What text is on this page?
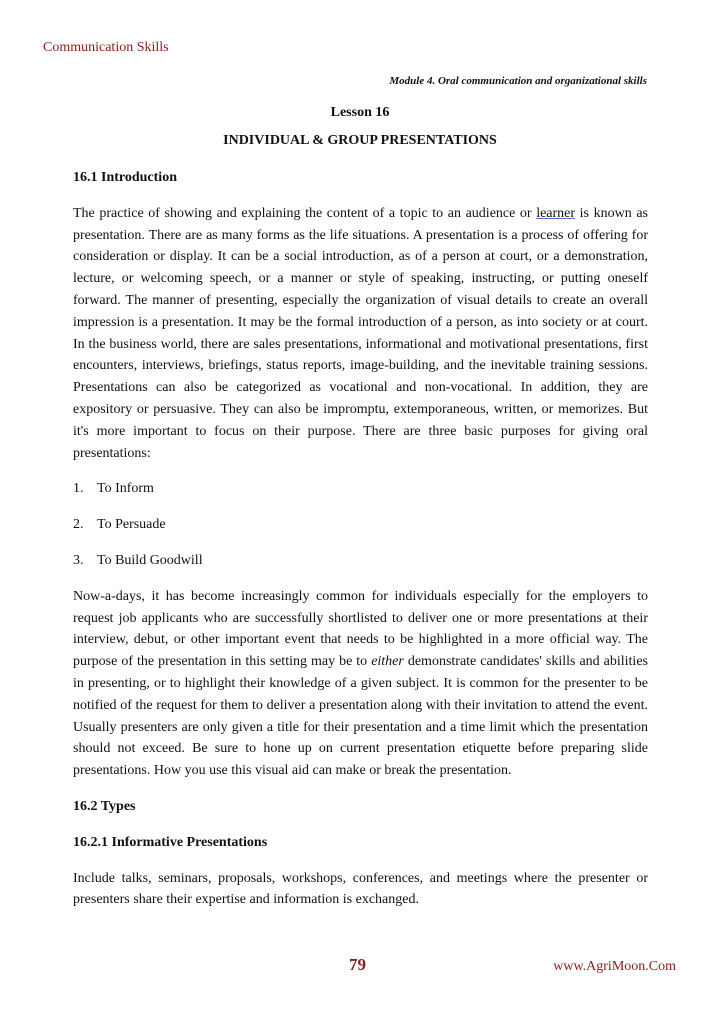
Communication Skills
Module 4. Oral communication and organizational skills
Lesson 16
INDIVIDUAL & GROUP PRESENTATIONS
16.1 Introduction

The practice of showing and explaining the content of a topic to an audience or learner is known as presentation. There are as many forms as the life situations. A presentation is a process of offering for consideration or display. It can be a social introduction, as of a person at court, or a demonstration, lecture, or welcoming speech, or a manner or style of speaking, instructing, or putting oneself forward. The manner of presenting, especially the organization of visual details to create an overall impression is a presentation. It may be the formal introduction of a person, as into society or at court. In the business world, there are sales presentations, informational and motivational presentations, first encounters, interviews, briefings, status reports, image-building, and the inevitable training sessions. Presentations can also be categorized as vocational and non-vocational. In addition, they are expository or persuasive. They can also be impromptu, extemporaneous, written, or memorizes. But it's more important to focus on their purpose. There are three basic purposes for giving oral presentations:

1. To Inform
2. To Persuade
3. To Build Goodwill

Now-a-days, it has become increasingly common for individuals especially for the employers to request job applicants who are successfully shortlisted to deliver one or more presentations at their interview, debut, or other important event that needs to be highlighted in a more official way. The purpose of the presentation in this setting may be to either demonstrate candidates' skills and abilities in presenting, or to highlight their knowledge of a given subject. It is common for the presenter to be notified of the request for them to deliver a presentation along with their invitation to attend the event. Usually presenters are only given a title for their presentation and a time limit which the presentation should not exceed. Be sure to hone up on current presentation etiquette before preparing slide presentations. How you use this visual aid can make or break the presentation.

16.2 Types
16.2.1 Informative Presentations

Include talks, seminars, proposals, workshops, conferences, and meetings where the presenter or presenters share their expertise and information is exchanged.

79	www.AgriMoon.Com
